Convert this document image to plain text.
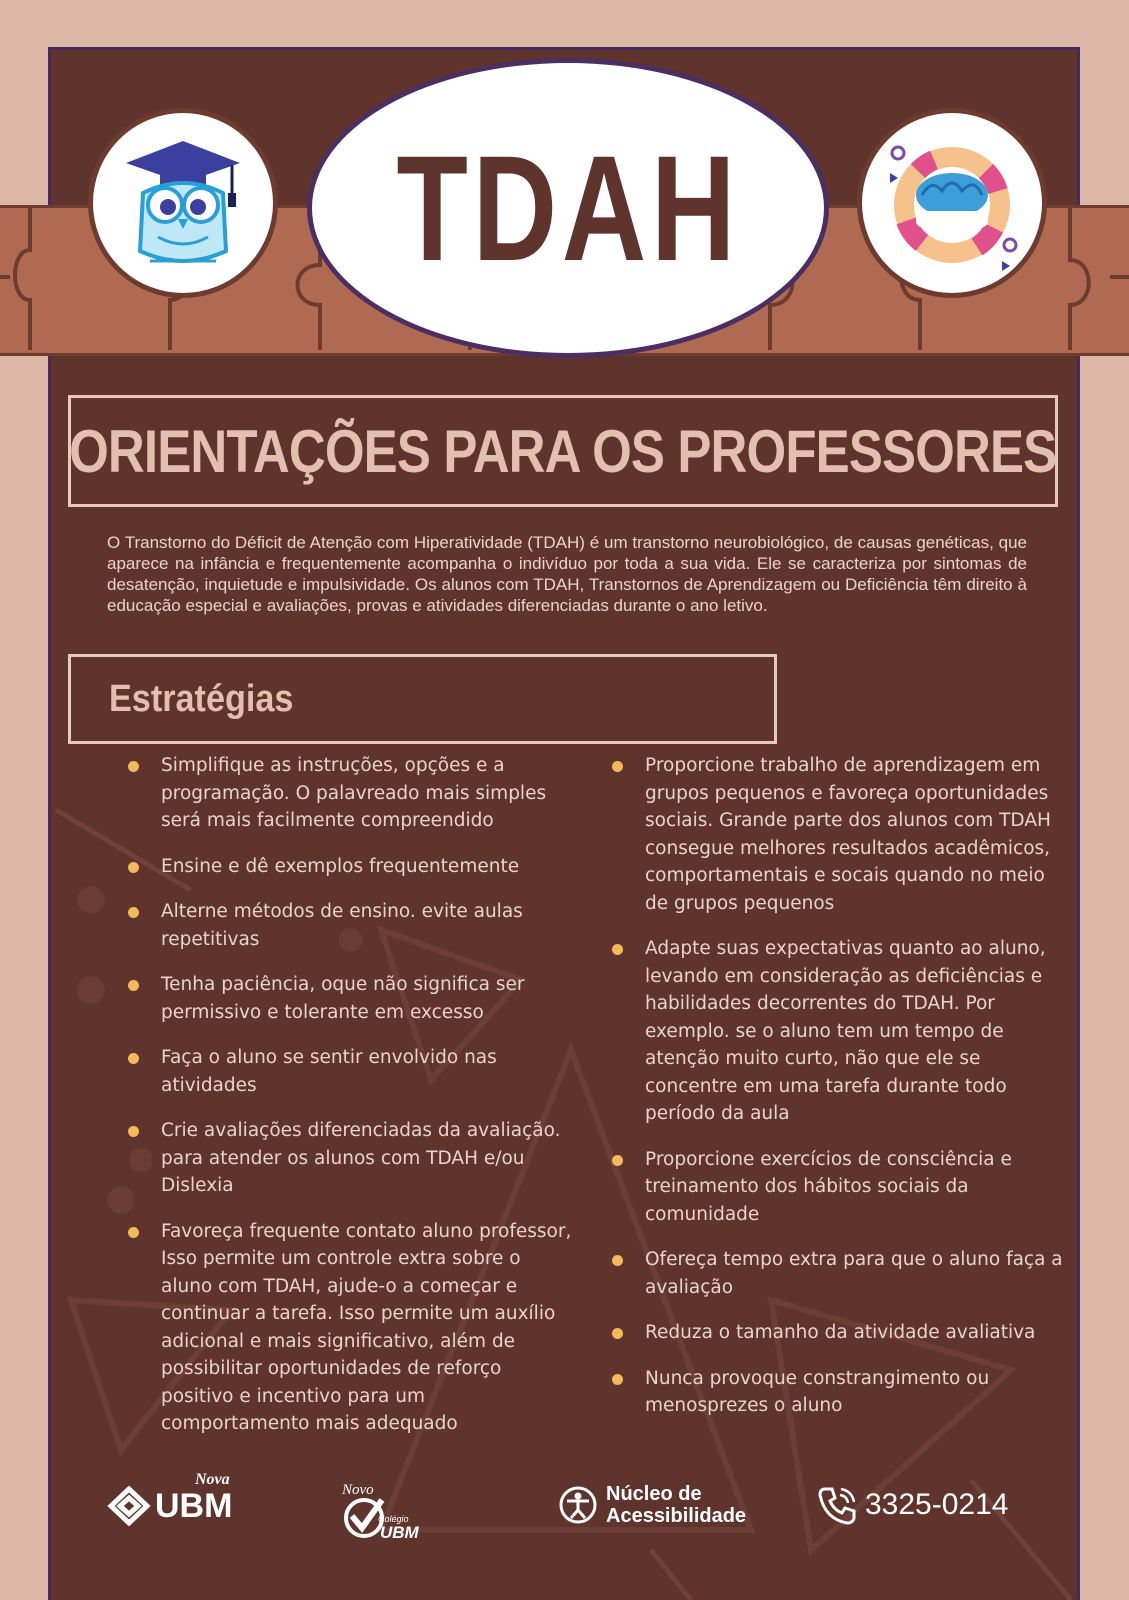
TDAH
ORIENTAÇÕES PARA OS PROFESSORES
O Transtorno do Déficit de Atenção com Hiperatividade (TDAH) é um transtorno neurobiológico, de causas genéticas, que aparece na infância e frequentemente acompanha o indivíduo por toda a sua vida. Ele se caracteriza por sintomas de desatenção, inquietude e impulsividade. Os alunos com TDAH, Transtornos de Aprendizagem ou Deficiência têm direito à educação especial e avaliações, provas e atividades diferenciadas durante o ano letivo.
Estratégias
Simplifique as instruções, opções e a programação. O palavreado mais simples será mais facilmente compreendido
Ensine e dê exemplos frequentemente
Alterne métodos de ensino. evite aulas repetitivas
Tenha paciência, oque não significa ser permissivo e tolerante em excesso
Faça o aluno se sentir envolvido nas atividades
Crie avaliações diferenciadas da avaliação. para atender os alunos com TDAH e/ou Dislexia
Favoreça frequente contato aluno professor, Isso permite um controle extra sobre o aluno com TDAH, ajude-o a começar e continuar a tarefa. Isso permite um auxílio adicional e mais significativo, além de possibilitar oportunidades de reforço positivo e incentivo para um comportamento mais adequado
Proporcione trabalho de aprendizagem em grupos pequenos e favoreça oportunidades sociais. Grande parte dos alunos com TDAH consegue melhores resultados acadêmicos, comportamentais e socais quando no meio de grupos pequenos
Adapte suas expectativas quanto ao aluno, levando em consideração as deficiências e habilidades decorrentes do TDAH. Por exemplo. se o aluno tem um tempo de atenção muito curto, não que ele se concentre em uma tarefa durante todo período da aula
Proporcione exercícios de consciência e treinamento dos hábitos sociais da comunidade
Ofereça tempo extra para que o aluno faça a avaliação
Reduza o tamanho da atividade avaliativa
Nunca provoque constrangimento ou menosprezes o aluno
Nova
UBM	Novo
Colégio
UBM
Núcleo de
Acessibilidade	3325-0214
